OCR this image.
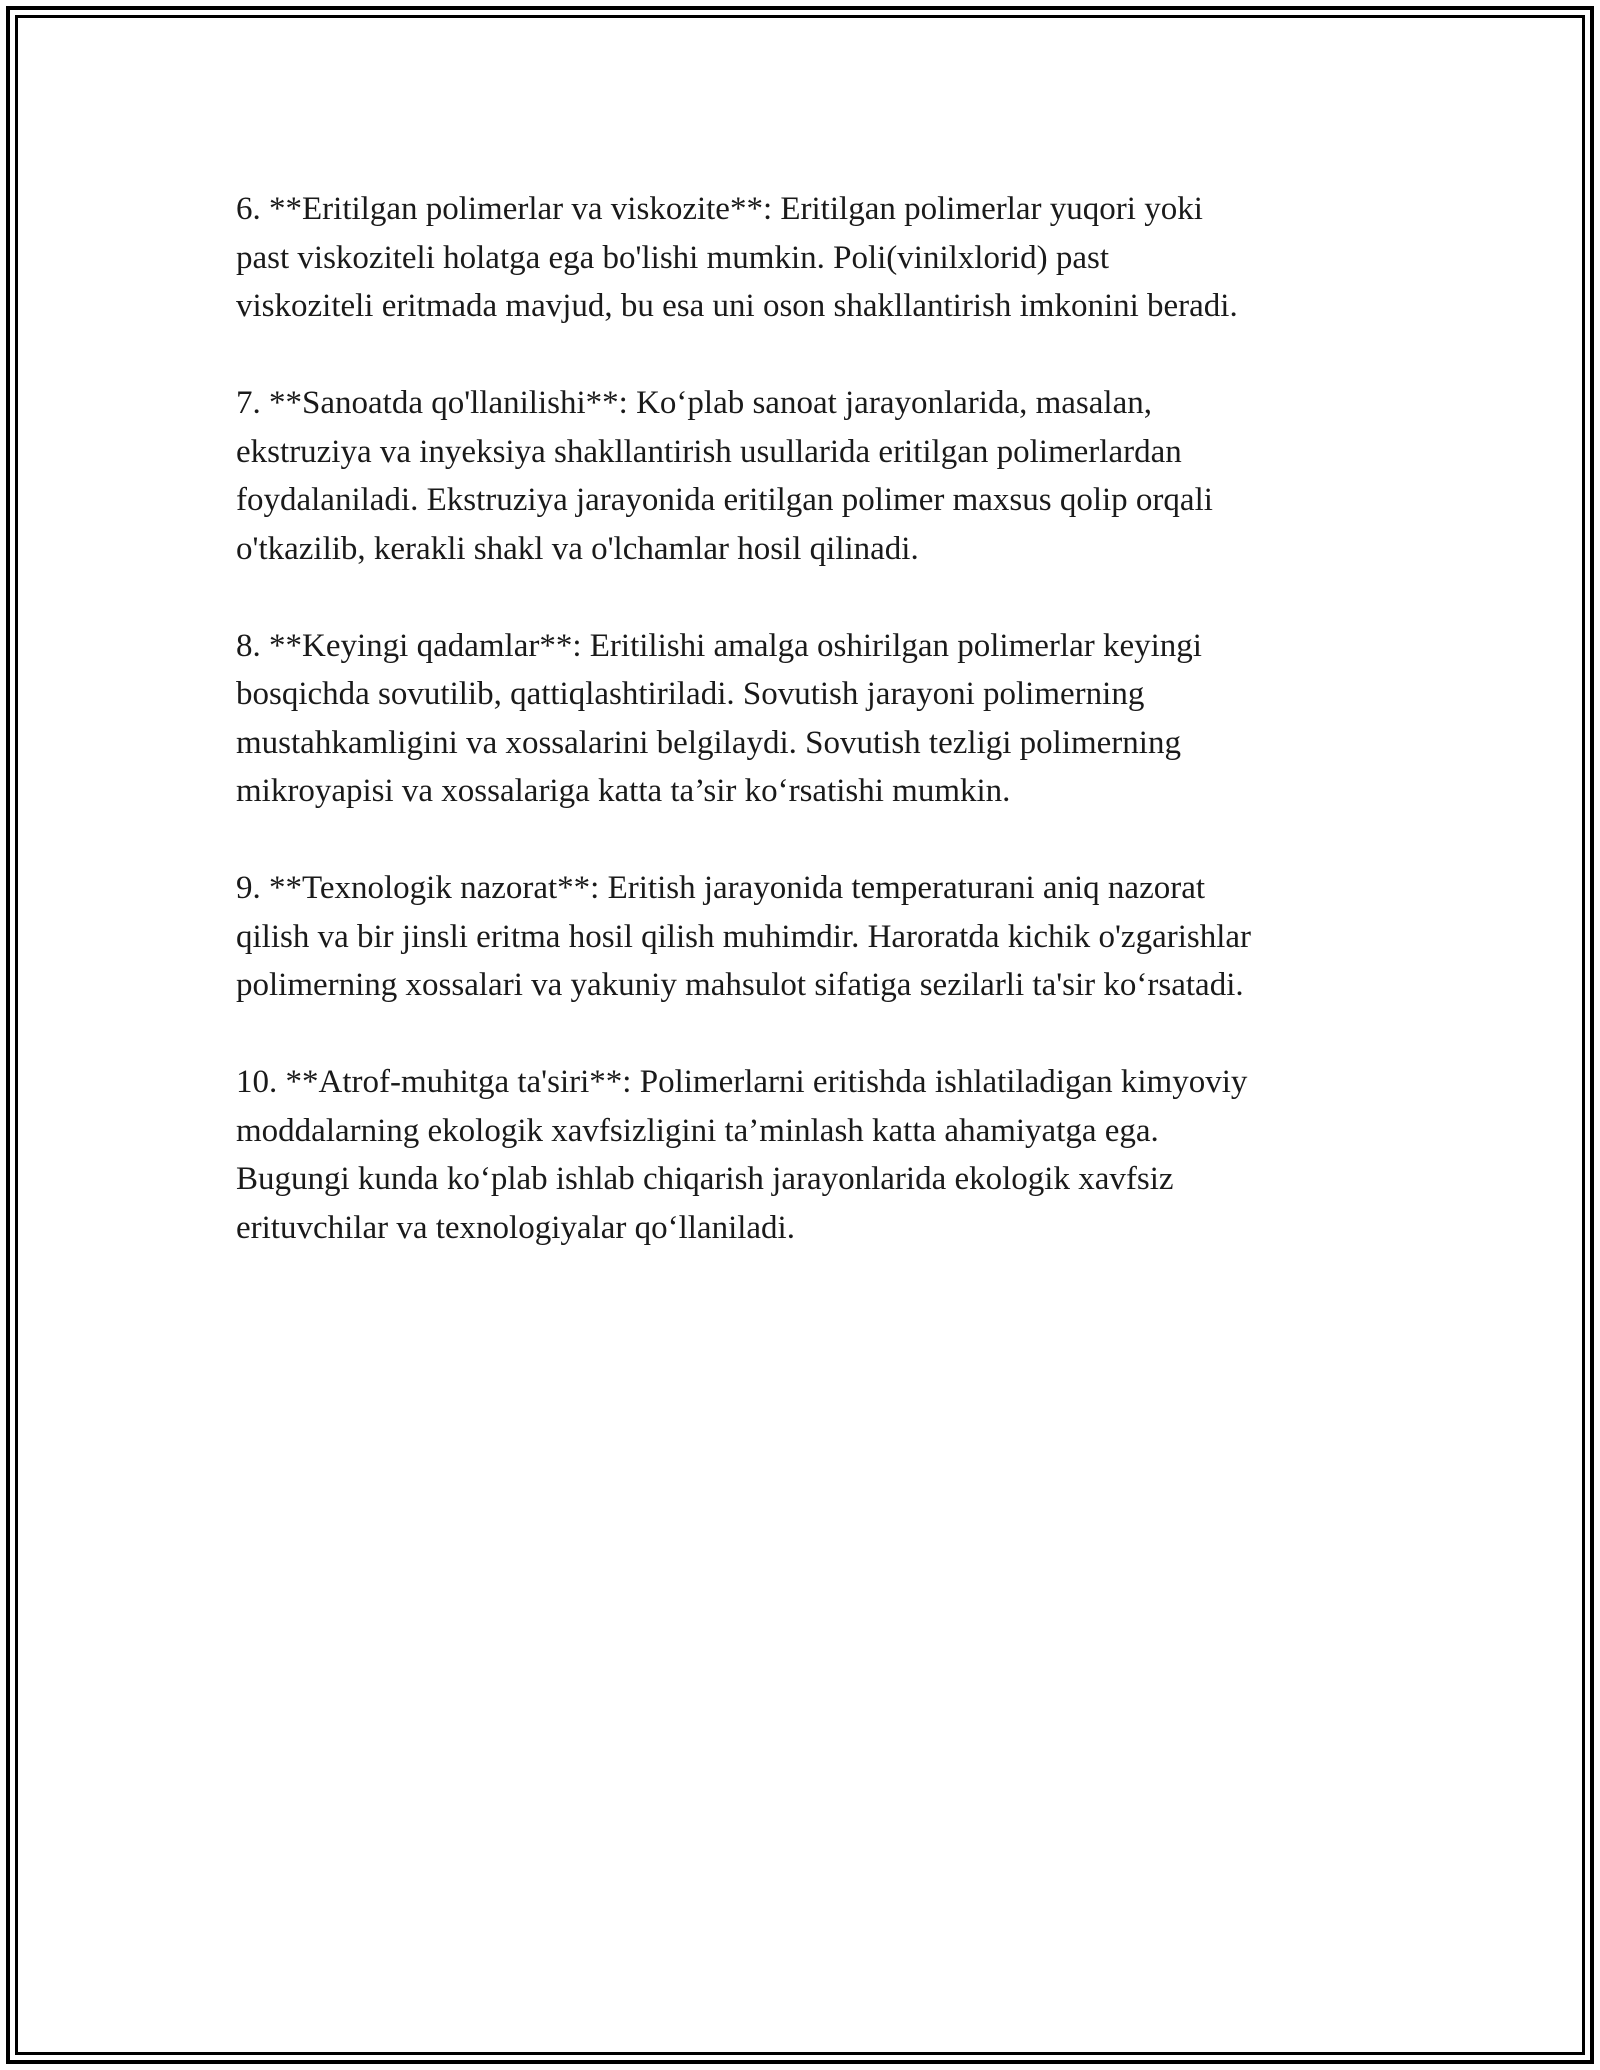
6. **Eritilgan polimerlar va viskozite**: Eritilgan polimerlar yuqori yoki
past viskoziteli holatga ega bo'lishi mumkin. Poli(vinilxlorid) past
viskoziteli eritmada mavjud, bu esa uni oson shakllantirish imkonini beradi.

7. **Sanoatda qo'llanilishi**: Ko‘plab sanoat jarayonlarida, masalan,
ekstruziya va inyeksiya shakllantirish usullarida eritilgan polimerlardan
foydalaniladi. Ekstruziya jarayonida eritilgan polimer maxsus qolip orqali
o'tkazilib, kerakli shakl va o'lchamlar hosil qilinadi.

8. **Keyingi qadamlar**: Eritilishi amalga oshirilgan polimerlar keyingi
bosqichda sovutilib, qattiqlashtiriladi. Sovutish jarayoni polimerning
mustahkamligini va xossalarini belgilaydi. Sovutish tezligi polimerning
mikroyapisi va xossalariga katta ta’sir ko‘rsatishi mumkin.

9. **Texnologik nazorat**: Eritish jarayonida temperaturani aniq nazorat
qilish va bir jinsli eritma hosil qilish muhimdir. Haroratda kichik o'zgarishlar
polimerning xossalari va yakuniy mahsulot sifatiga sezilarli ta'sir ko‘rsatadi.

10. **Atrof-muhitga ta'siri**: Polimerlarni eritishda ishlatiladigan kimyoviy
moddalarning ekologik xavfsizligini ta’minlash katta ahamiyatga ega.
Bugungi kunda ko‘plab ishlab chiqarish jarayonlarida ekologik xavfsiz
erituvchilar va texnologiyalar qo‘llaniladi.
